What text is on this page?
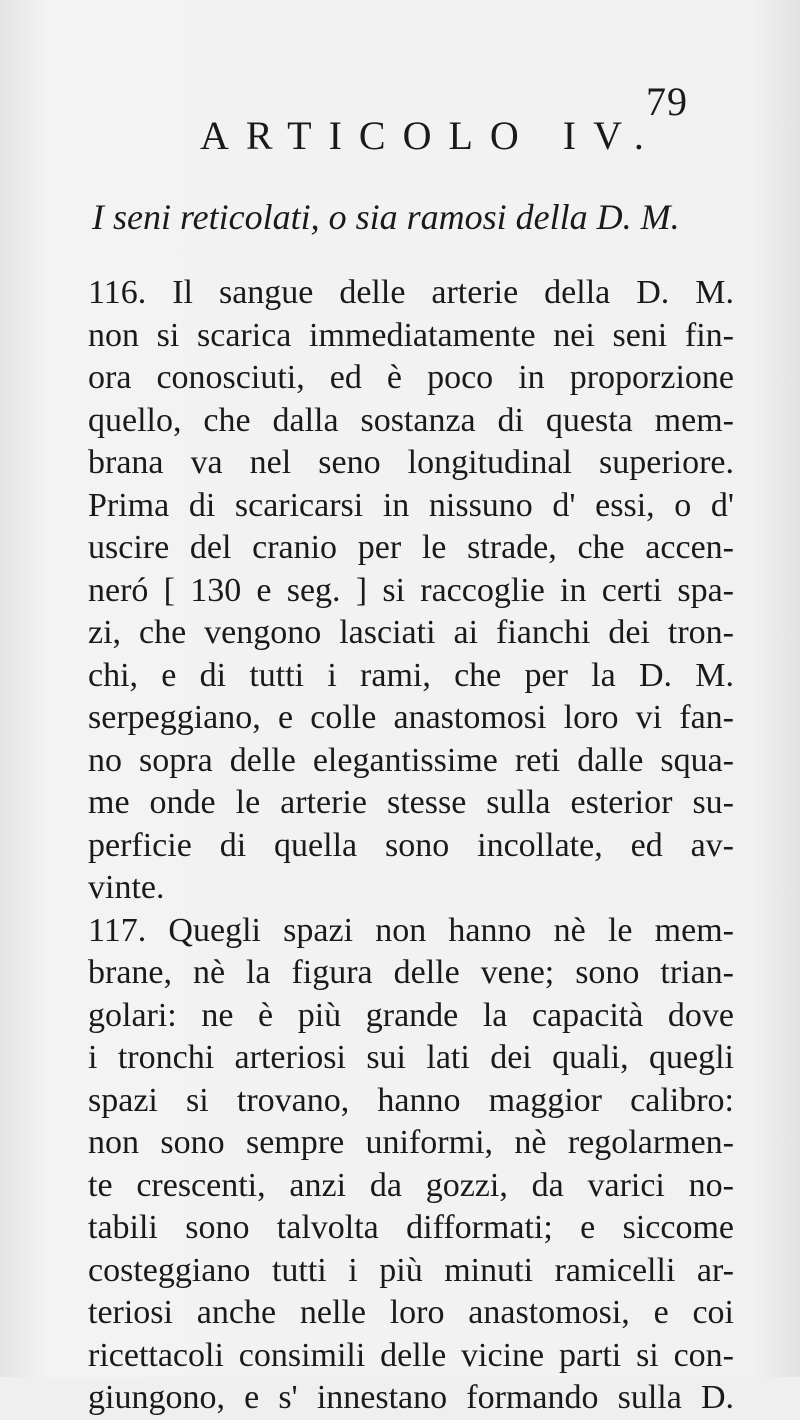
79
ARTICOLO IV.
I seni reticolati, o sia ramosi della D. M.
116. Il sangue delle arterie della D. M.
non si scarica immediatamente nei seni fin-
ora conosciuti, ed è poco in proporzione
quello, che dalla sostanza di questa mem-
brana va nel seno longitudinal superiore.
Prima di scaricarsi in nissuno d' essi, o d'
uscire del cranio per le strade, che accen-
neró [ 130 e seg. ] si raccoglie in certi spa-
zi, che vengono lasciati ai fianchi dei tron-
chi, e di tutti i rami, che per la D. M.
serpeggiano, e colle anastomosi loro vi fan-
no sopra delle elegantissime reti dalle squa-
me onde le arterie stesse sulla esterior su-
perficie di quella sono incollate, ed av-
vinte.
117. Quegli spazi non hanno nè le mem-
brane, nè la figura delle vene; sono trian-
golari: ne è più grande la capacità dove
i tronchi arteriosi sui lati dei quali, quegli
spazi si trovano, hanno maggior calibro:
non sono sempre uniformi, nè regolarmen-
te crescenti, anzi da gozzi, da varici no-
tabili sono talvolta difformati; e siccome
costeggiano tutti i più minuti ramicelli ar-
teriosi anche nelle loro anastomosi, e coi
ricettacoli consimili delle vicine parti si con-
giungono, e s' innestano formando sulla D.
